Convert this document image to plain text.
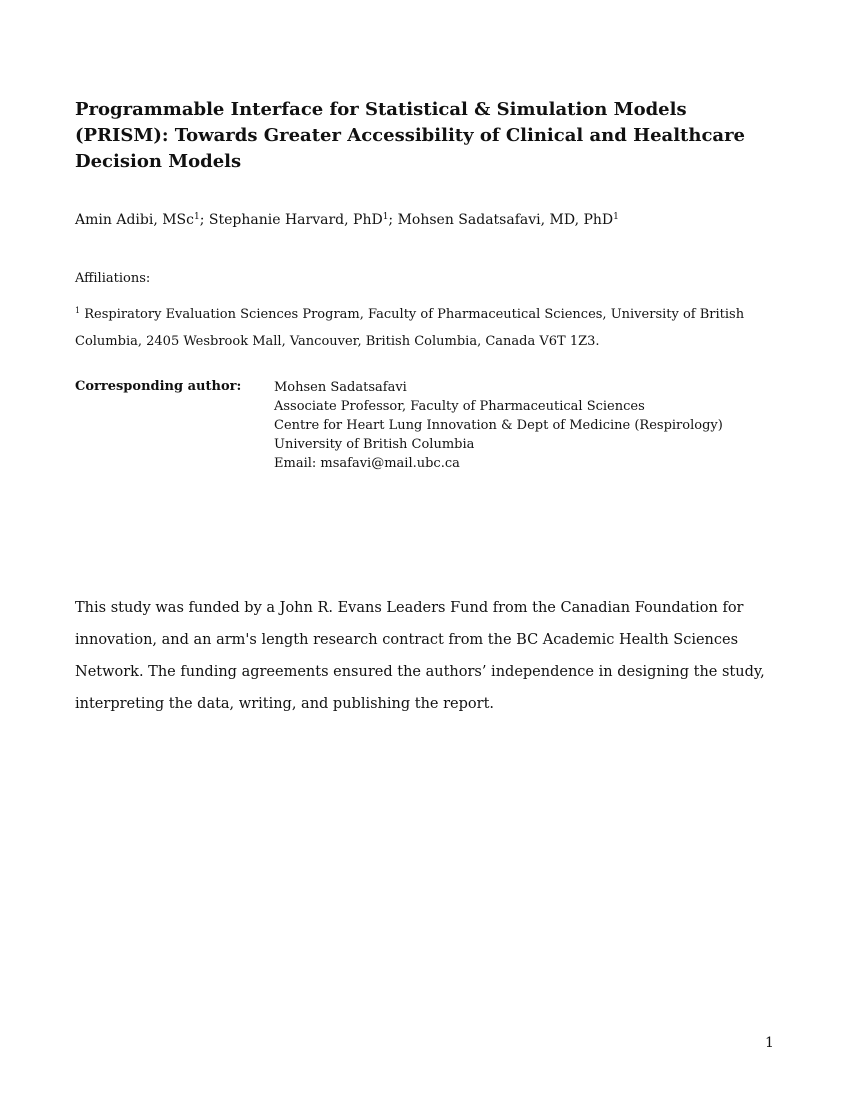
Programmable Interface for Statistical & Simulation Models (PRISM): Towards Greater Accessibility of Clinical and Healthcare Decision Models
Amin Adibi, MSc$^1$; Stephanie Harvard, PhD$^1$; Mohsen Sadatsafavi, MD, PhD$^1$
Affiliations:
$^1$ Respiratory Evaluation Sciences Program, Faculty of Pharmaceutical Sciences, University of British Columbia, 2405 Wesbrook Mall, Vancouver, British Columbia, Canada V6T 1Z3.
Corresponding author:	Mohsen Sadatsafavi
Associate Professor, Faculty of Pharmaceutical Sciences
Centre for Heart Lung Innovation & Dept of Medicine (Respirology)
University of British Columbia
Email: msafavi@mail.ubc.ca

This study was funded by a John R. Evans Leaders Fund from the Canadian Foundation for innovation, and an arm's length research contract from the BC Academic Health Sciences Network. The funding agreements ensured the authors’ independence in designing the study, interpreting the data, writing, and publishing the report.

1
